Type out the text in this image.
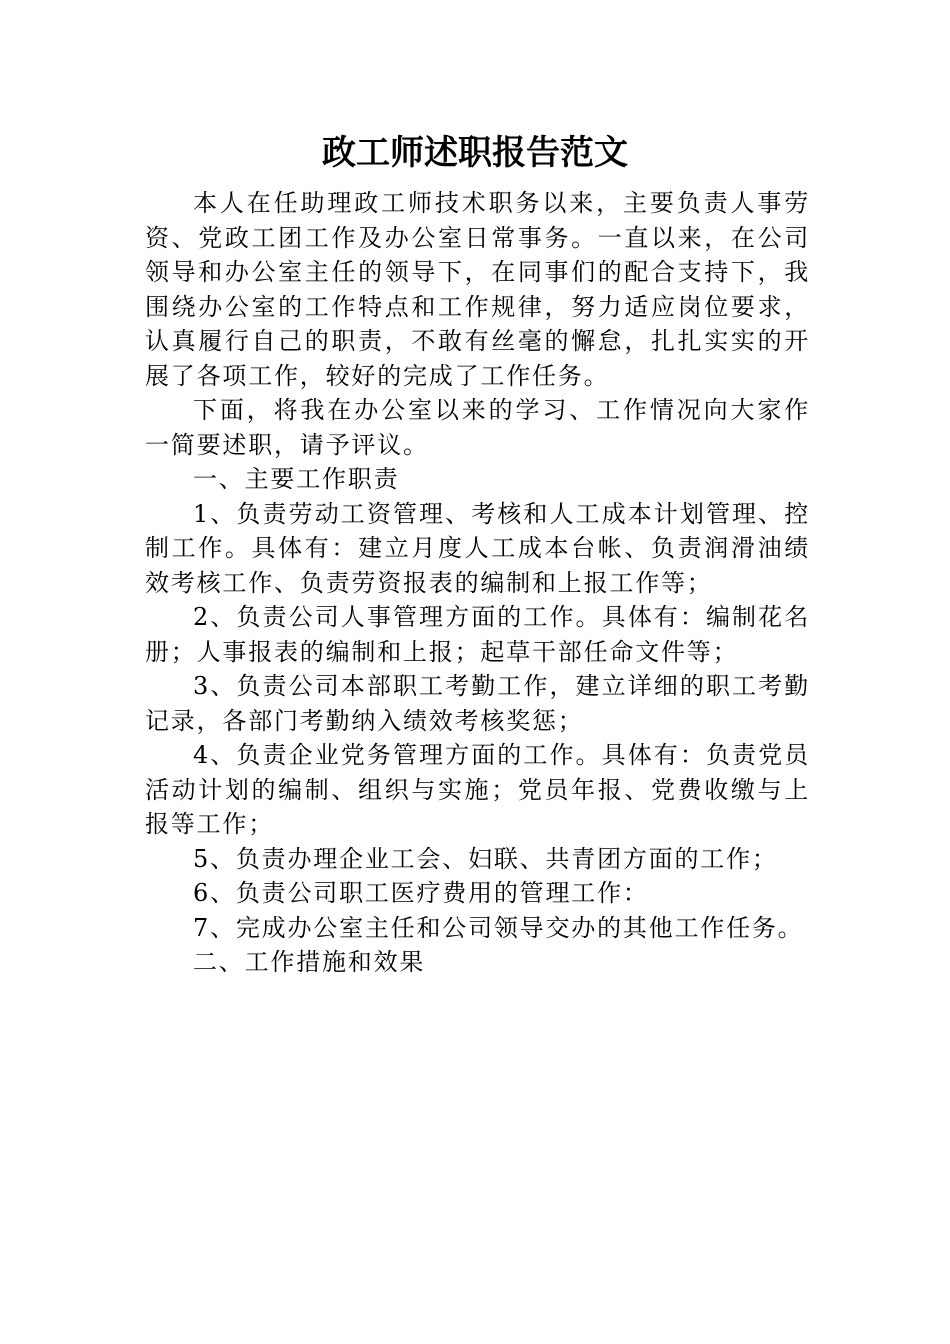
政工师述职报告范文

本人在任助理政工师技术职务以来，主要负责人事劳资、党政工团工作及办公室日常事务。一直以来，在公司领导和办公室主任的领导下，在同事们的配合支持下，我围绕办公室的工作特点和工作规律，努力适应岗位要求，认真履行自己的职责，不敢有丝毫的懈怠，扎扎实实的开展了各项工作，较好的完成了工作任务。

下面，将我在办公室以来的学习、工作情况向大家作一简要述职，请予评议。

一、主要工作职责

1、负责劳动工资管理、考核和人工成本计划管理、控制工作。具体有：建立月度人工成本台帐、负责润滑油绩效考核工作、负责劳资报表的编制和上报工作等；

2、负责公司人事管理方面的工作。具体有：编制花名册；人事报表的编制和上报；起草干部任命文件等；

3、负责公司本部职工考勤工作，建立详细的职工考勤记录，各部门考勤纳入绩效考核奖惩；

4、负责企业党务管理方面的工作。具体有：负责党员活动计划的编制、组织与实施；党员年报、党费收缴与上报等工作；

5、负责办理企业工会、妇联、共青团方面的工作；

6、负责公司职工医疗费用的管理工作：

7、完成办公室主任和公司领导交办的其他工作任务。

二、工作措施和效果
